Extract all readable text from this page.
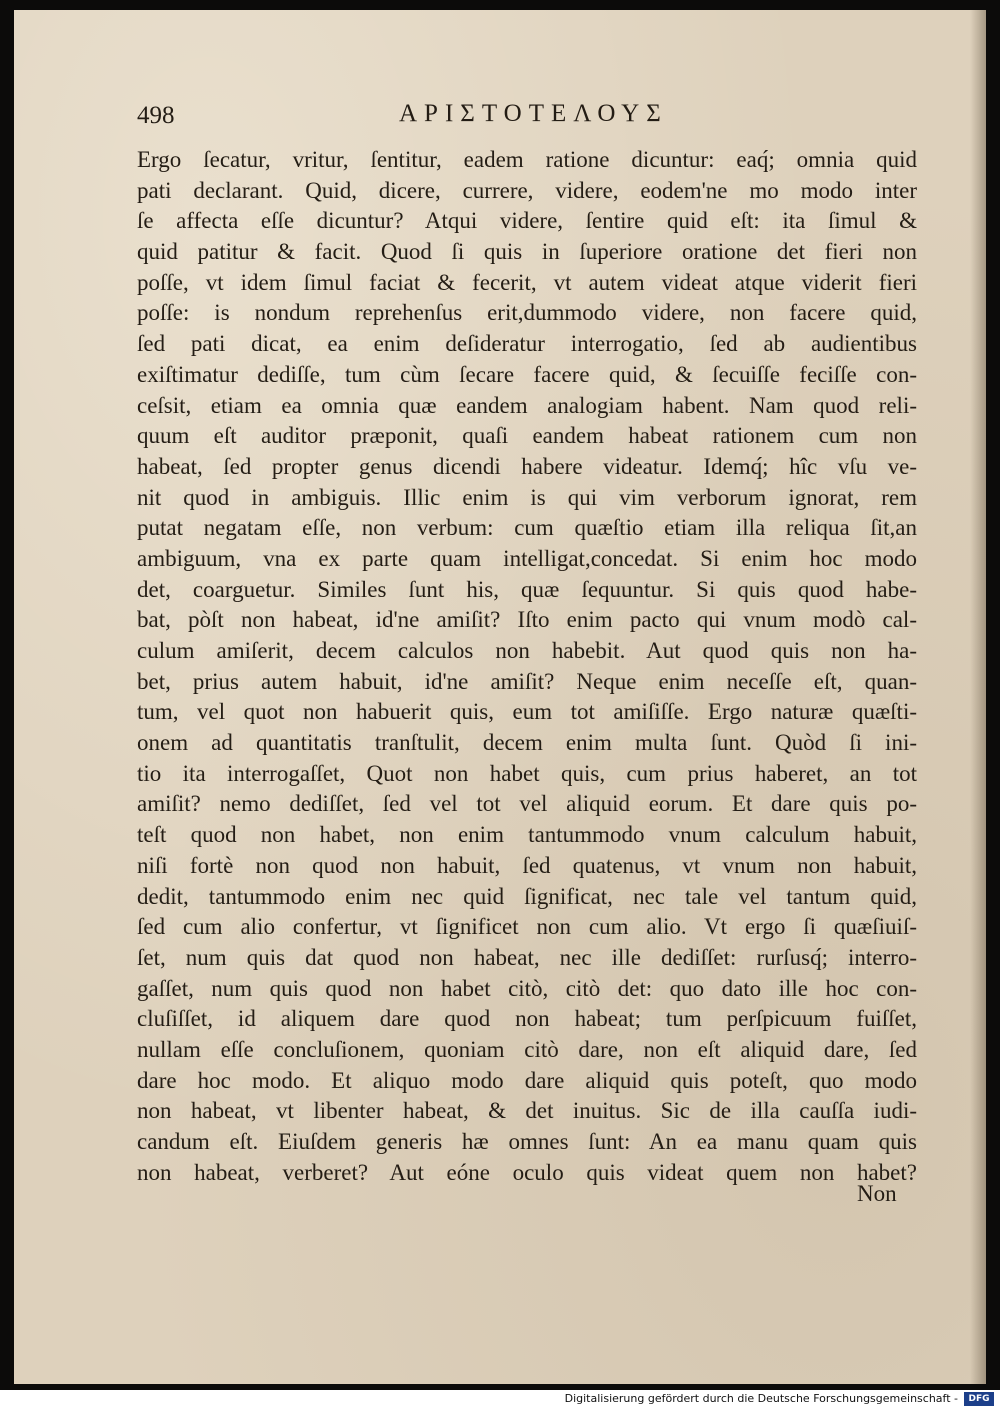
498	ΑΡΙΣΤΟΤΕΛΟΥΣ
Ergo ſecatur, vritur, ſentitur, eadem ratione dicuntur: eaq́; omnia quid
pati declarant. Quid, dicere, currere, videre, eodem'ne mo modo inter
ſe affecta eſſe dicuntur? Atqui videre, ſentire quid eſt: ita ſimul &
quid patitur & facit. Quod ſi quis in ſuperiore oratione det fieri non
poſſe, vt idem ſimul faciat & fecerit, vt autem videat atque viderit fieri
poſſe: is nondum reprehenſus erit,dummodo videre, non facere quid,
ſed pati dicat, ea enim deſideratur interrogatio, ſed ab audientibus
exiſtimatur dediſſe, tum cùm ſecare facere quid, & ſecuiſſe feciſſe con-
ceſsit, etiam ea omnia quæ eandem analogiam habent. Nam quod reli-
quum eſt auditor præponit, quaſi eandem habeat rationem cum non
habeat, ſed propter genus dicendi habere videatur. Idemq́; hîc vſu ve-
nit quod in ambiguis. Illic enim is qui vim verborum ignorat, rem
putat negatam eſſe, non verbum: cum quæſtio etiam illa reliqua ſit,an
ambiguum, vna ex parte quam intelligat,concedat. Si enim hoc modo
det, coarguetur. Similes ſunt his, quæ ſequuntur. Si quis quod habe-
bat, pòſt non habeat, id'ne amiſit? Iſto enim pacto qui vnum modò cal-
culum amiſerit, decem calculos non habebit. Aut quod quis non ha-
bet, prius autem habuit, id'ne amiſit? Neque enim neceſſe eſt, quan-
tum, vel quot non habuerit quis, eum tot amiſiſſe. Ergo naturæ quæſti-
onem ad quantitatis tranſtulit, decem enim multa ſunt. Quòd ſi ini-
tio ita interrogaſſet, Quot non habet quis, cum prius haberet, an tot
amiſit? nemo dediſſet, ſed vel tot vel aliquid eorum. Et dare quis po-
teſt quod non habet, non enim tantummodo vnum calculum habuit,
niſi fortè non quod non habuit, ſed quatenus, vt vnum non habuit,
dedit, tantummodo enim nec quid ſignificat, nec tale vel tantum quid,
ſed cum alio confertur, vt ſignificet non cum alio. Vt ergo ſi quæſiuiſ-
ſet, num quis dat quod non habeat, nec ille dediſſet: rurſusq́; interro-
gaſſet, num quis quod non habet citò, citò det: quo dato ille hoc con-
cluſiſſet, id aliquem dare quod non habeat; tum perſpicuum fuiſſet,
nullam eſſe concluſionem, quoniam citò dare, non eſt aliquid dare, ſed
dare hoc modo. Et aliquo modo dare aliquid quis poteſt, quo modo
non habeat, vt libenter habeat, & det inuitus. Sic de illa cauſſa iudi-
candum eſt. Eiuſdem generis hæ omnes ſunt: An ea manu quam quis
non habeat, verberet? Aut eóne oculo quis videat quem non habet?
Non
Digitalisierung gefördert durch die Deutsche Forschungsgemeinschaft -	DFG
